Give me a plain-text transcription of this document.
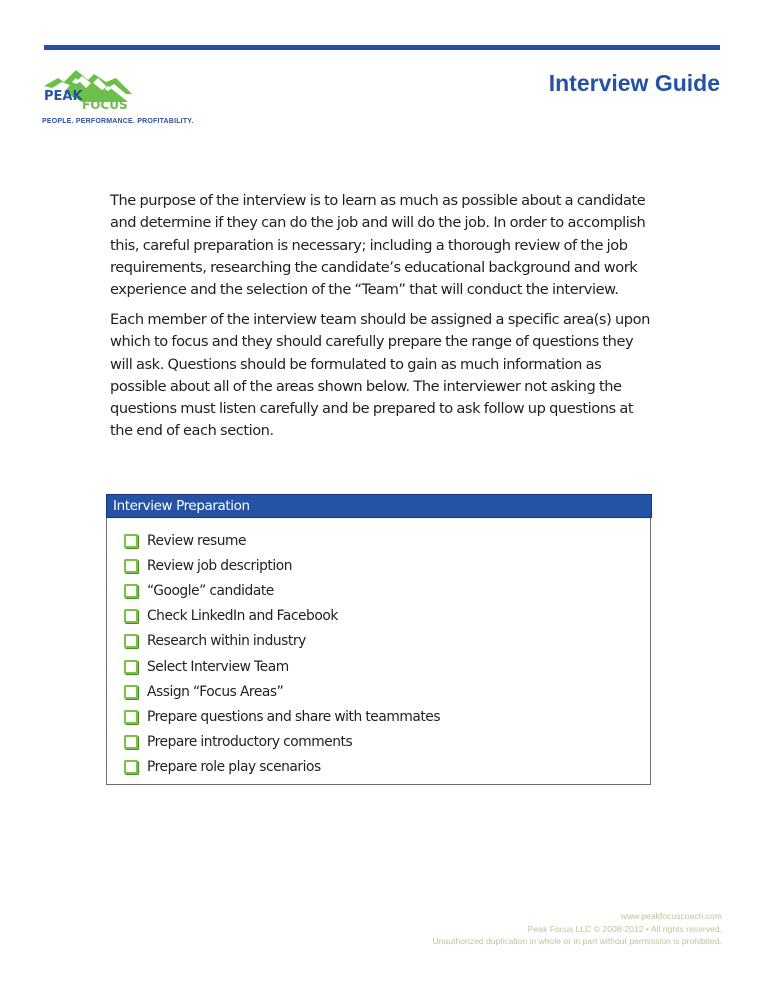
PEAK
FOCUS
PEOPLE. PERFORMANCE. PROFITABILITY.
Interview Guide
The purpose of the interview is to learn as much as possible about a candidate and determine if they can do the job and will do the job. In order to accomplish this, careful preparation is necessary; including a thorough review of the job requirements, researching the candidate’s educational background and work experience and the selection of the “Team” that will conduct the interview.
Each member of the interview team should be assigned a specific area(s) upon which to focus and they should carefully prepare the range of questions they will ask. Questions should be formulated to gain as much information as possible about all of the areas shown below. The interviewer not asking the questions must listen carefully and be prepared to ask follow up questions at the end of each section.
Interview Preparation
Review resume
Review job description
“Google” candidate
Check LinkedIn and Facebook
Research within industry
Select Interview Team
Assign “Focus Areas”
Prepare questions and share with teammates
Prepare introductory comments
Prepare role play scenarios
www.peakfocuscoach.com
Peak Focus LLC © 2008-2012 • All rights reserved.
Unauthorized duplication in whole or in part without permission is prohibited.
